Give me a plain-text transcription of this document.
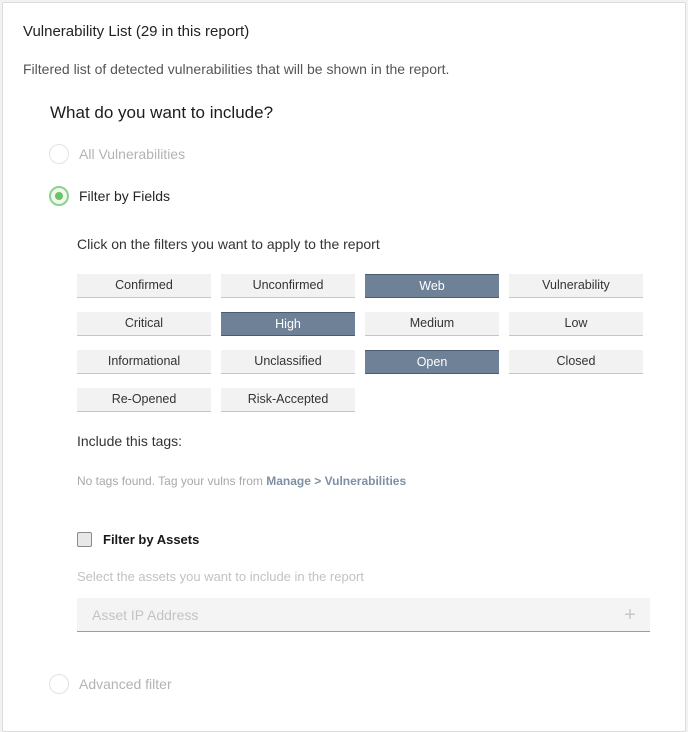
Vulnerability List (29 in this report)
Filtered list of detected vulnerabilities that will be shown in the report.
What do you want to include?
All Vulnerabilities
Filter by Fields
Click on the filters you want to apply to the report
Confirmed	Unconfirmed	Web	Vulnerability
Critical	High	Medium	Low
Informational	Unclassified	Open	Closed
Re-Opened	Risk-Accepted
Include this tags:
No tags found. Tag your vulns from Manage > Vulnerabilities
Filter by Assets
Select the assets you want to include in the report
Asset IP Address
+
Advanced filter
